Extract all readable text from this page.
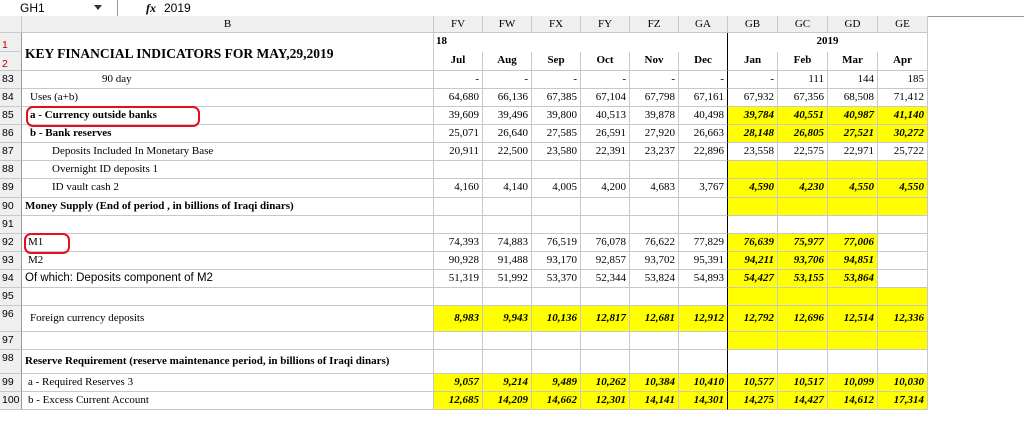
GH1	fx 2019
B	FV	FW	FX	FY	FZ	GA	GB	GC	GD	GE
1
2
KEY FINANCIAL INDICATORS FOR MAY,29,2019
18	2019
Jul	Aug	Sep	Oct	Nov	Dec	Jan	Feb	Mar	Apr
83	90 day	-	-	-	-	-	-	-	111	144	185
84	Uses (a+b)	64,680	66,136	67,385	67,104	67,798	67,161	67,932	67,356	68,508	71,412
85	a - Currency outside banks	39,609	39,496	39,800	40,513	39,878	40,498	39,784	40,551	40,987	41,140
86	b - Bank reserves	25,071	26,640	27,585	26,591	27,920	26,663	28,148	26,805	27,521	30,272
87	Deposits Included In Monetary Base	20,911	22,500	23,580	22,391	23,237	22,896	23,558	22,575	22,971	25,722
88	Overnight ID deposits 1
89	ID vault cash 2	4,160	4,140	4,005	4,200	4,683	3,767	4,590	4,230	4,550	4,550
90	Money Supply (End of period , in billions of Iraqi dinars)
91
92	M1	74,393	74,883	76,519	76,078	76,622	77,829	76,639	75,977	77,006
93	M2	90,928	91,488	93,170	92,857	93,702	95,391	94,211	93,706	94,851
94 Of which: Deposits component of M2	51,319	51,992	53,370	52,344	53,824	54,893	54,427	53,155	53,864
95
96	Foreign currency deposits	8,983	9,943	10,136	12,817	12,681	12,912	12,792	12,696	12,514	12,336
97
98	Reserve Requirement (reserve maintenance period, in billions of Iraqi dinars)
99	a - Required Reserves 3	9,057	9,214	9,489	10,262	10,384	10,410	10,577	10,517	10,099	10,030
100 b - Excess Current Account	12,685	14,209	14,662	12,301	14,141	14,301	14,275	14,427	14,612	17,314
